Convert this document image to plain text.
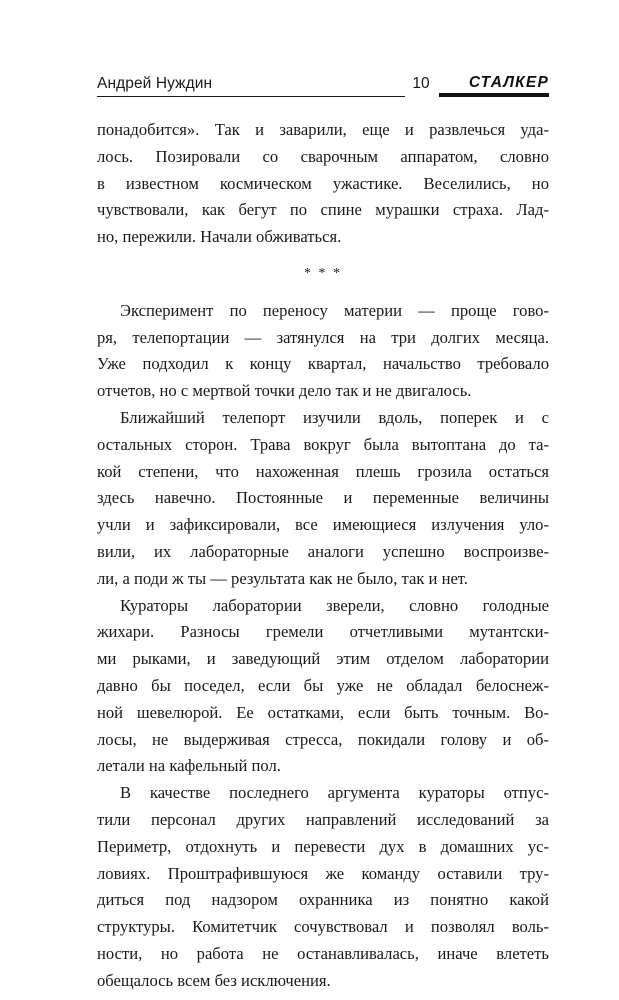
Андрей Нуждин	10	СТАЛКЕР
понадобится». Так и заварили, еще и развлечься уда-
лось. Позировали со сварочным аппаратом, словно
в известном космическом ужастике. Веселились, но
чувствовали, как бегут по спине мурашки страха. Лад-
но, пережили. Начали обживаться.
* * *
Эксперимент по переносу материи — проще гово-
ря, телепортации — затянулся на три долгих месяца.
Уже подходил к концу квартал, начальство требовало
отчетов, но с мертвой точки дело так и не двигалось.
Ближайший телепорт изучили вдоль, поперек и с
остальных сторон. Трава вокруг была вытоптана до та-
кой степени, что нахоженная плешь грозила остаться
здесь навечно. Постоянные и переменные величины
учли и зафиксировали, все имеющиеся излучения уло-
вили, их лабораторные аналоги успешно воспроизве-
ли, а поди ж ты — результата как не было, так и нет.
Кураторы лаборатории зверели, словно голодные
жихари. Разносы гремели отчетливыми мутантски-
ми рыками, и заведующий этим отделом лаборатории
давно бы поседел, если бы уже не обладал белоснеж-
ной шевелюрой. Ее остатками, если быть точным. Во-
лосы, не выдерживая стресса, покидали голову и об-
летали на кафельный пол.
В качестве последнего аргумента кураторы отпус-
тили персонал других направлений исследований за
Периметр, отдохнуть и перевести дух в домашних ус-
ловиях. Проштрафившуюся же команду оставили тру-
диться под надзором охранника из понятно какой
структуры. Комитетчик сочувствовал и позволял воль-
ности, но работа не останавливалась, иначе влететь
обещалось всем без исключения.
